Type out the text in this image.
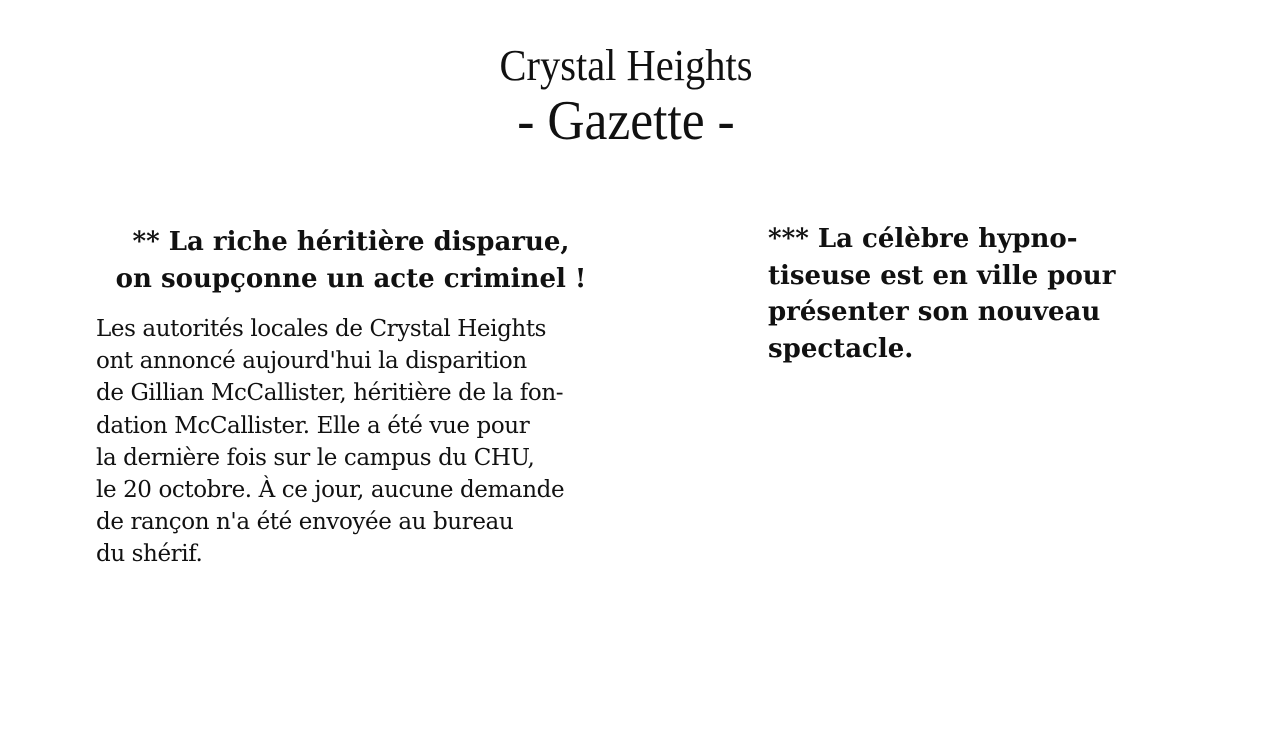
Crystal Heights
- Gazette -
** La riche héritière disparue,
on soupçonne un acte criminel !

Les autorités locales de Crystal Heights
ont annoncé aujourd'hui la disparition
de Gillian McCallister, héritière de la fon-
dation McCallister. Elle a été vue pour
la dernière fois sur le campus du CHU,
le 20 octobre. À ce jour, aucune demande
de rançon n'a été envoyée au bureau
du shérif.

*** La célèbre hypno-
tiseuse est en ville pour
présenter son nouveau
spectacle.
